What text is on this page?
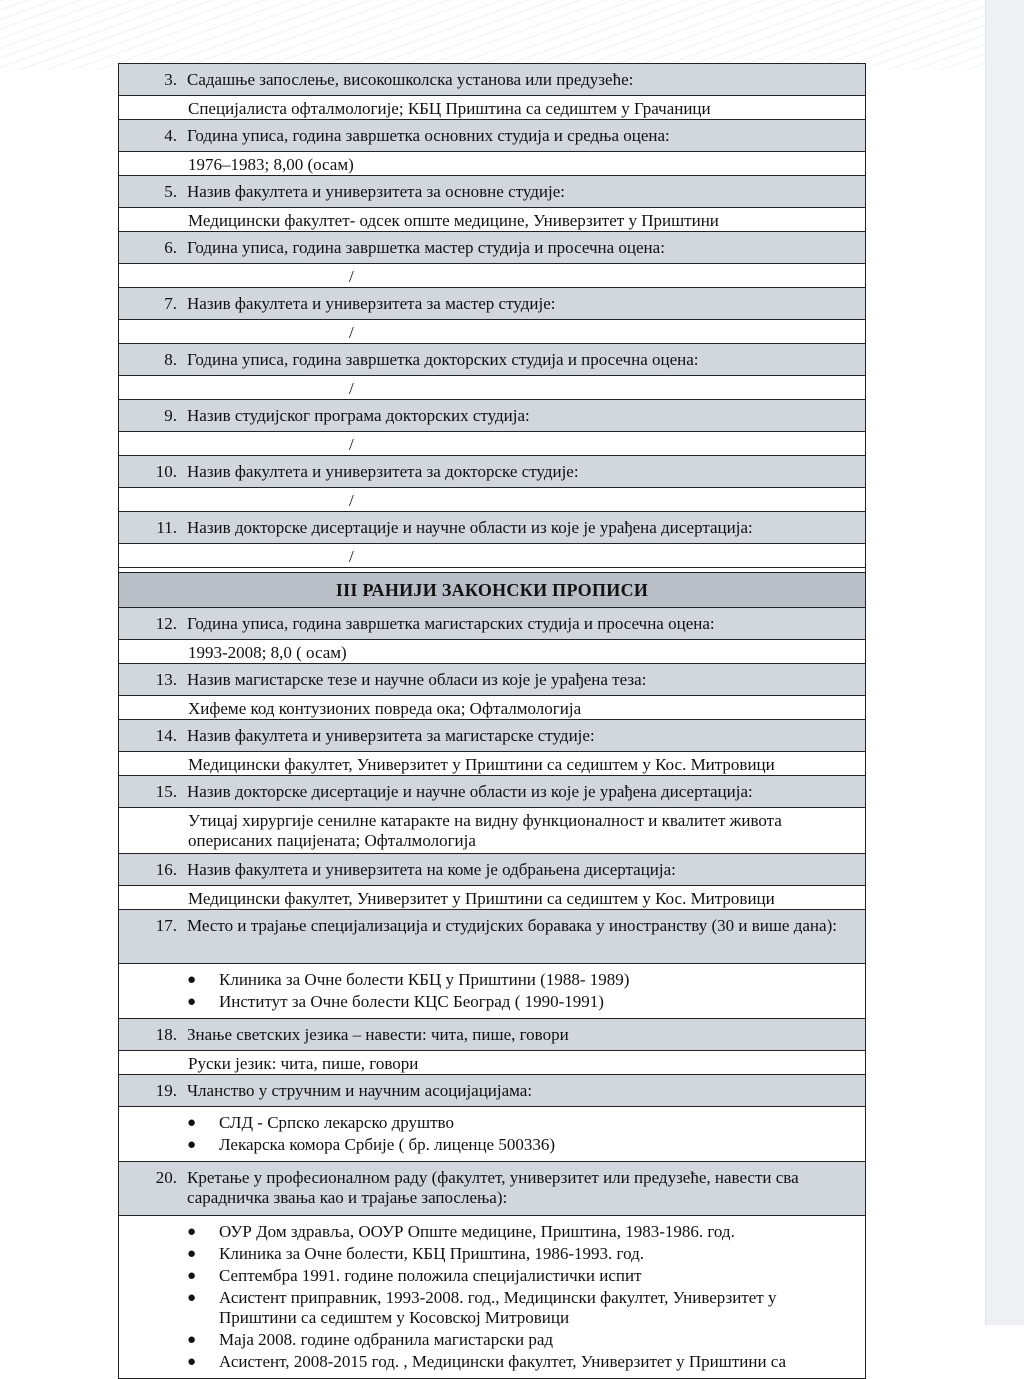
3. Садашње запослење, високошколска установа или предузеће:
Специјалиста офталмологије; КБЦ Приштина са седиштем у Грачаници
4. Година уписа, година завршетка основних студија и средња оцена:
1976–1983; 8,00 (осам)
5. Назив факултета и универзитета за основне студије:
Медицински факултет- одсек опште медицине, Универзитет у Приштини
6. Година уписа, година завршетка мастер студија и просечна оцена:
/
7. Назив факултета и универзитета за мастер студије:
/
8. Година уписа, година завршетка докторских студија и просечна оцена:
/
9. Назив студијског програма докторских студија:
/
10. Назив факултета и универзитета за докторске студије:
/
11. Назив докторске дисертације и научне области из које је урађена дисертација:
/
III РАНИЈИ ЗАКОНСКИ ПРОПИСИ
12. Година уписа, година завршетка магистарских студија и просечна оцена:
1993-2008; 8,0 ( осам)
13. Назив магистарске тезе и научне обласи из које је урађена теза:
Хифеме код контузионих повреда ока; Офталмологија
14. Назив факултета и универзитета за магистарске студије:
Медицински факултет, Универзитет у Приштини са седиштем у Кос. Митровици
15. Назив докторске дисертације и научне области из које је урађена дисертација:
Утицај хирургије сенилне катаракте на видну функционалност и квалитет живота оперисаних пацијената; Офталмологија
16. Назив факултета и универзитета на коме је одбрањена дисертација:
Медицински факултет, Универзитет у Приштини са седиштем у Кос. Митровици
17. Место и трајање специјализација и студијских боравака у иностранству (30 и више дана):
● Клиника за Очне болести КБЦ у Приштини (1988- 1989)
● Институт за Очне болести КЦС Београд ( 1990-1991)
18. Знање светских језика – навести: чита, пише, говори
Руски језик: чита, пише, говори
19. Чланство у стручним и научним асоцијацијама:
● СЛД - Српско лекарско друштво
● Лекарска комора Србије ( бр. лиценце 500336)
20. Кретање у професионалном раду (факултет, универзитет или предузеће, навести сва сарадничка звања као и трајање запослења):
● ОУР Дом здравља, ООУР Опште медицине, Приштина, 1983-1986. год.
● Клиника за Очне болести, КБЦ Приштина, 1986-1993. год.
● Септембра 1991. године положила специјалистички испит
● Асистент приправник, 1993-2008. год., Медицински факултет, Универзитет у Приштини са седиштем у Косовској Митровици
● Маја 2008. године одбранила магистарски рад
● Асистент, 2008-2015 год. , Медицински факултет, Универзитет у Приштини са
